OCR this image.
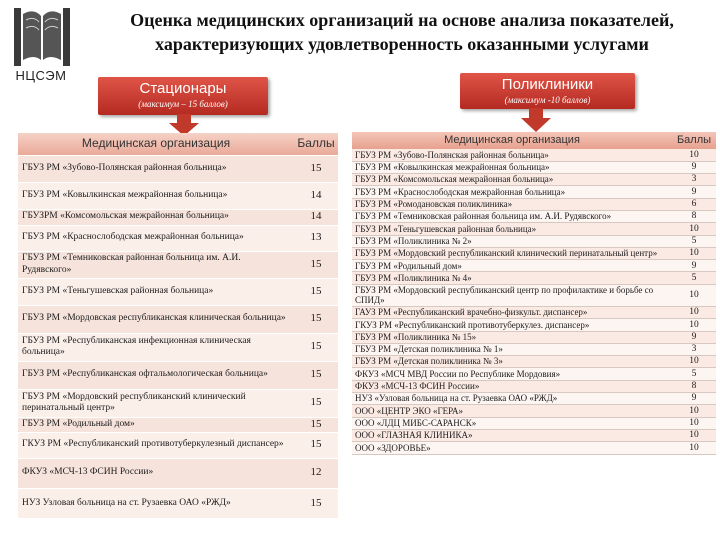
НЦСЭМ
Оценка медицинских организаций на основе анализа показателей, характеризующих удовлетворенность оказанными услугами
Стационары
(максимум – 15 баллов)
Поликлиники
(максимум -10 баллов)
Медицинская организация	Баллы
ГБУЗ РМ «Зубово-Полянская районная больница»	15
ГБУЗ РМ «Ковылкинская межрайонная больница»	14
ГБУЗРМ «Комсомольская межрайонная больница»	14
ГБУЗ РМ «Краснослободская межрайонная больница»	13
ГБУЗ РМ «Темниковская районная больница им. А.И. Рудявского»	15
ГБУЗ РМ «Теньгушевская районная больница»	15
ГБУЗ РМ «Мордовская республиканская клиническая больница»	15
ГБУЗ РМ «Республиканская инфекционная клиническая больница»	15
ГБУЗ РМ «Республиканская офтальмологическая больница»	15
ГБУЗ РМ «Мордовский республиканский клинический перинатальный центр»	15
ГБУЗ РМ «Родильный дом»	15
ГКУЗ РМ «Республиканский противотуберкулезный диспансер»	15
ФКУЗ «МСЧ-13 ФСИН России»	12
НУЗ Узловая больница на ст. Рузаевка ОАО «РЖД»	15
Медицинская организация	Баллы
ГБУЗ РМ «Зубово-Полянская районная больница»	10
ГБУЗ РМ «Ковылкинская межрайонная больница»	9
ГБУЗ РМ «Комсомольская межрайонная больница»	3
ГБУЗ РМ «Краснослободская межрайонная больница»	9
ГБУЗ РМ «Ромодановская поликлиника»	6
ГБУЗ РМ «Темниковская районная больница им. А.И. Рудявского»	8
ГБУЗ РМ «Теньгушевская районная больница»	10
ГБУЗ РМ «Поликлиника № 2»	5
ГБУЗ РМ «Мордовский республиканский клинический перинатальный центр»	10
ГБУЗ РМ «Родильный дом»	9
ГБУЗ РМ «Поликлиника № 4»	5
ГБУЗ РМ «Мордовский республиканский центр по профилактике и борьбе со СПИД»	10
ГАУЗ РМ «Республиканский врачебно-физкульт. диспансер»	10
ГКУЗ РМ «Республиканский противотуберкулез. диспансер»	10
ГБУЗ РМ «Поликлиника № 15»	9
ГБУЗ РМ «Детская поликлиника № 1»	3
ГБУЗ РМ «Детская поликлиника № 3»	10
ФКУЗ «МСЧ МВД России по Республике Мордовия»	5
ФКУЗ «МСЧ-13 ФСИН России»	8
НУЗ «Узловая больница на ст. Рузаевка ОАО «РЖД»	9
ООО «ЦЕНТР ЭКО «ГЕРА»	10
ООО «ЛДЦ МИБС-САРАНСК»	10
ООО «ГЛАЗНАЯ КЛИНИКА»	10
ООО «ЗДОРОВЬЕ»	10
